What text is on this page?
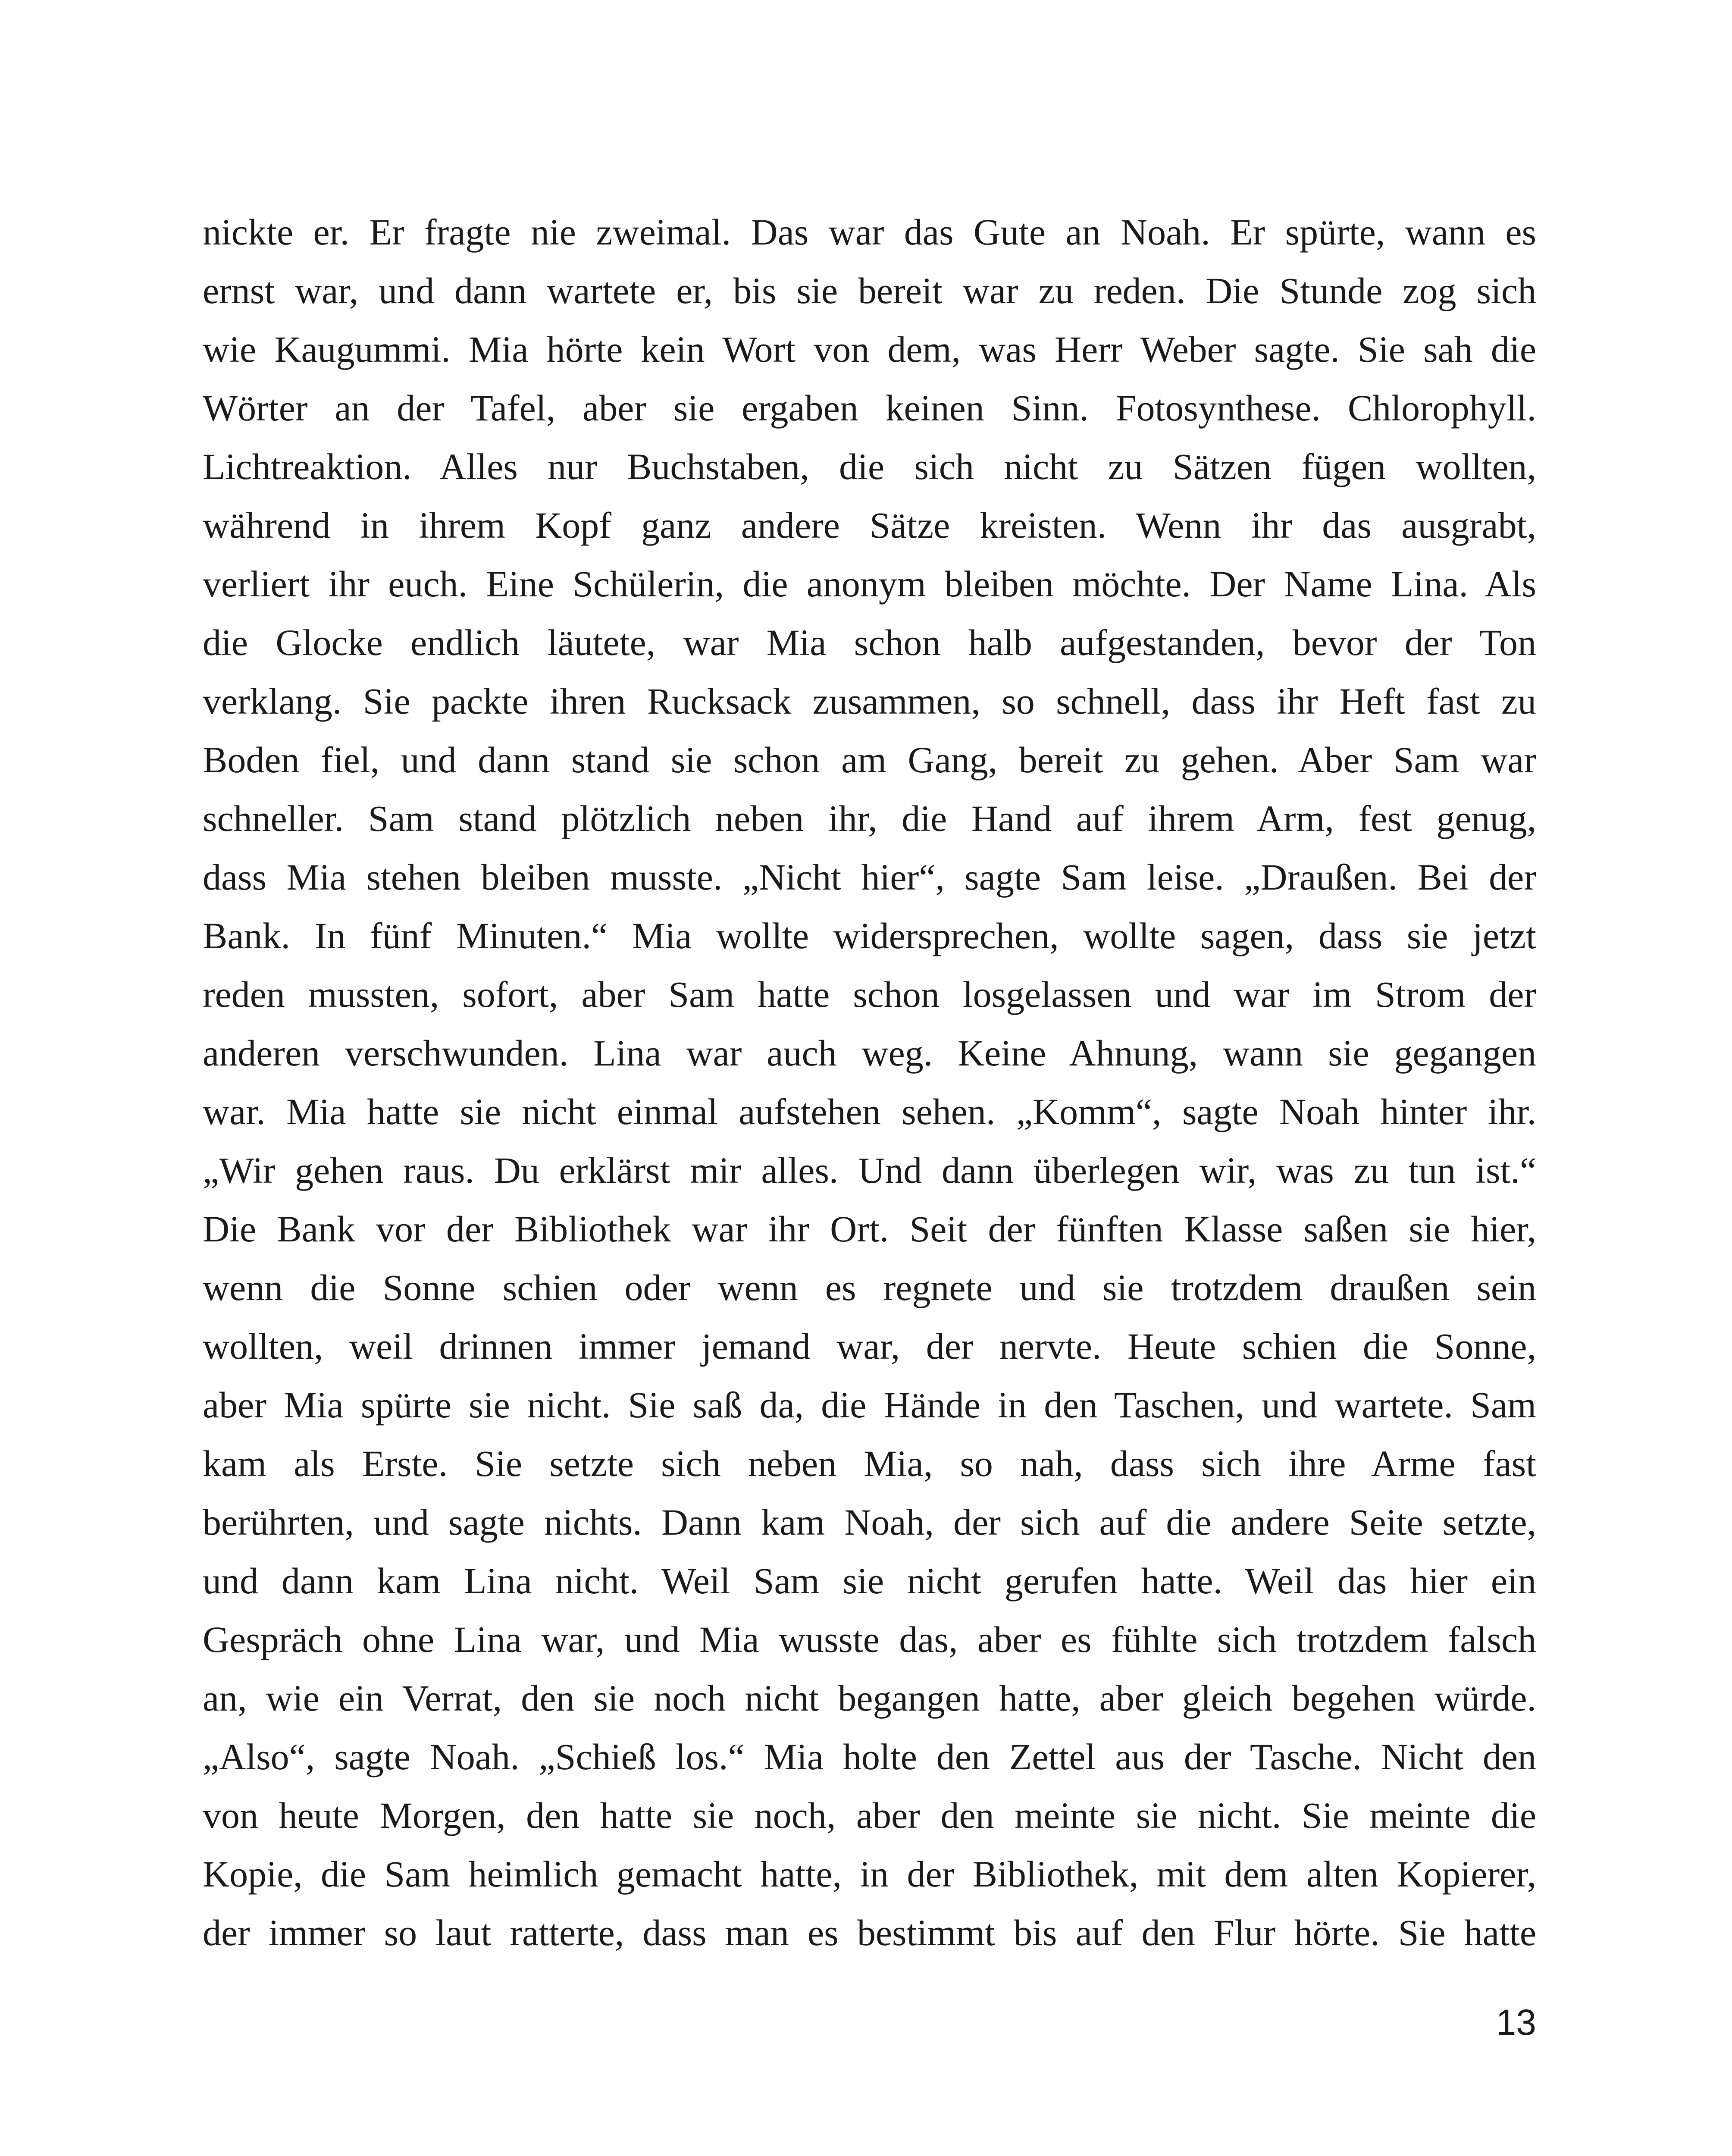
nickte er. Er fragte nie zweimal. Das war das Gute an Noah. Er spürte, wann es
ernst war, und dann wartete er, bis sie bereit war zu reden. Die Stunde zog sich
wie Kaugummi. Mia hörte kein Wort von dem, was Herr Weber sagte. Sie sah die
Wörter an der Tafel, aber sie ergaben keinen Sinn. Fotosynthese. Chlorophyll.
Lichtreaktion. Alles nur Buchstaben, die sich nicht zu Sätzen fügen wollten,
während in ihrem Kopf ganz andere Sätze kreisten. Wenn ihr das ausgrabt,
verliert ihr euch. Eine Schülerin, die anonym bleiben möchte. Der Name Lina. Als
die Glocke endlich läutete, war Mia schon halb aufgestanden, bevor der Ton
verklang. Sie packte ihren Rucksack zusammen, so schnell, dass ihr Heft fast zu
Boden fiel, und dann stand sie schon am Gang, bereit zu gehen. Aber Sam war
schneller. Sam stand plötzlich neben ihr, die Hand auf ihrem Arm, fest genug,
dass Mia stehen bleiben musste. „Nicht hier“, sagte Sam leise. „Draußen. Bei der
Bank. In fünf Minuten.“ Mia wollte widersprechen, wollte sagen, dass sie jetzt
reden mussten, sofort, aber Sam hatte schon losgelassen und war im Strom der
anderen verschwunden. Lina war auch weg. Keine Ahnung, wann sie gegangen
war. Mia hatte sie nicht einmal aufstehen sehen. „Komm“, sagte Noah hinter ihr.
„Wir gehen raus. Du erklärst mir alles. Und dann überlegen wir, was zu tun ist.“
Die Bank vor der Bibliothek war ihr Ort. Seit der fünften Klasse saßen sie hier,
wenn die Sonne schien oder wenn es regnete und sie trotzdem draußen sein
wollten, weil drinnen immer jemand war, der nervte. Heute schien die Sonne,
aber Mia spürte sie nicht. Sie saß da, die Hände in den Taschen, und wartete. Sam
kam als Erste. Sie setzte sich neben Mia, so nah, dass sich ihre Arme fast
berührten, und sagte nichts. Dann kam Noah, der sich auf die andere Seite setzte,
und dann kam Lina nicht. Weil Sam sie nicht gerufen hatte. Weil das hier ein
Gespräch ohne Lina war, und Mia wusste das, aber es fühlte sich trotzdem falsch
an, wie ein Verrat, den sie noch nicht begangen hatte, aber gleich begehen würde.
„Also“, sagte Noah. „Schieß los.“ Mia holte den Zettel aus der Tasche. Nicht den
von heute Morgen, den hatte sie noch, aber den meinte sie nicht. Sie meinte die
Kopie, die Sam heimlich gemacht hatte, in der Bibliothek, mit dem alten Kopierer,
der immer so laut ratterte, dass man es bestimmt bis auf den Flur hörte. Sie hatte
13
